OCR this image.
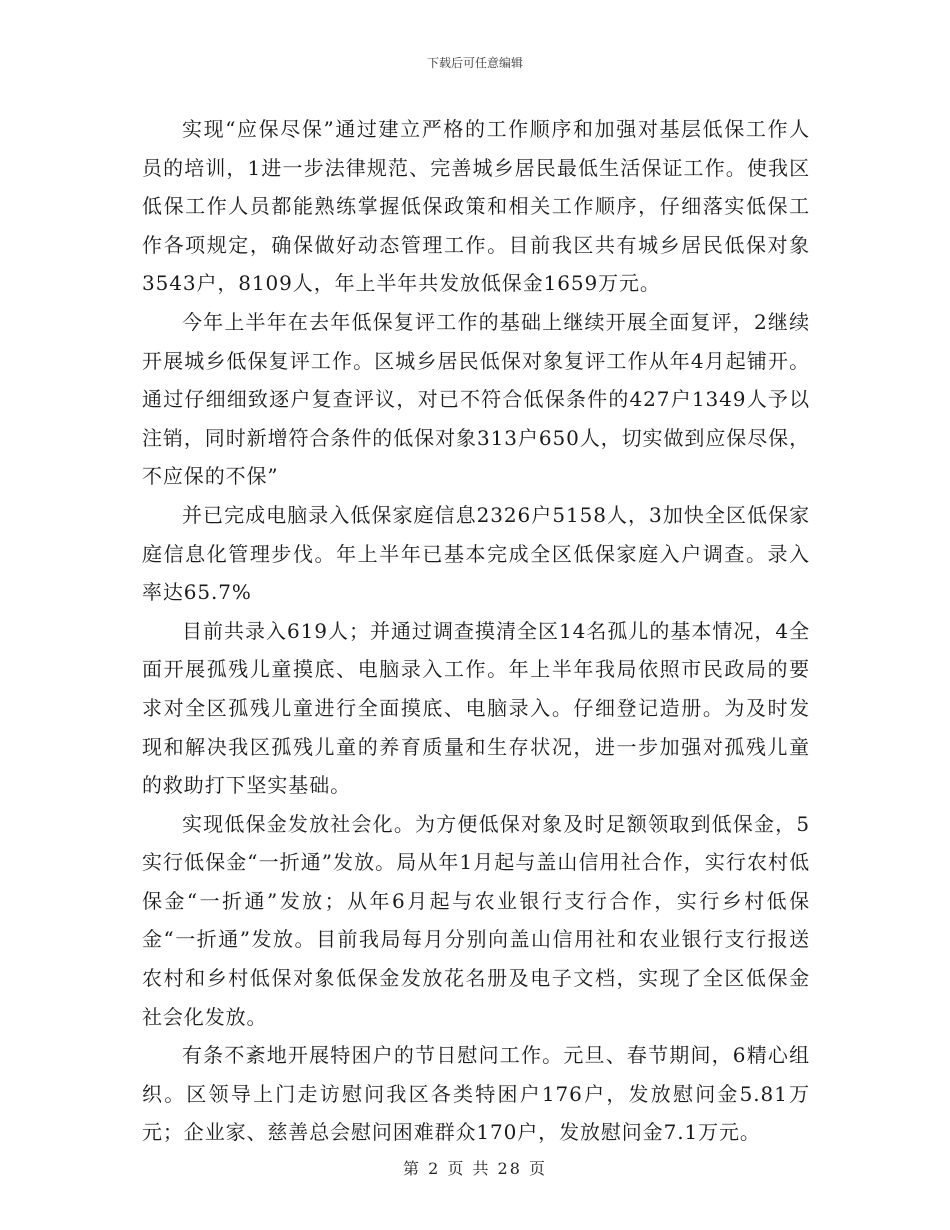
下载后可任意编辑

实现“应保尽保”通过建立严格的工作顺序和加强对基层低保工作人员的培训，1进一步法律规范、完善城乡居民最低生活保证工作。使我区低保工作人员都能熟练掌握低保政策和相关工作顺序，仔细落实低保工作各项规定，确保做好动态管理工作。目前我区共有城乡居民低保对象3543户，8109人，年上半年共发放低保金1659万元。

今年上半年在去年低保复评工作的基础上继续开展全面复评，2继续开展城乡低保复评工作。区城乡居民低保对象复评工作从年4月起铺开。通过仔细细致逐户复查评议，对已不符合低保条件的427户1349人予以注销，同时新增符合条件的低保对象313户650人，切实做到应保尽保，不应保的不保”

并已完成电脑录入低保家庭信息2326户5158人，3加快全区低保家庭信息化管理步伐。年上半年已基本完成全区低保家庭入户调查。录入率达65.7%

目前共录入619人；并通过调查摸清全区14名孤儿的基本情况，4全面开展孤残儿童摸底、电脑录入工作。年上半年我局依照市民政局的要求对全区孤残儿童进行全面摸底、电脑录入。仔细登记造册。为及时发现和解决我区孤残儿童的养育质量和生存状况，进一步加强对孤残儿童的救助打下坚实基础。

实现低保金发放社会化。为方便低保对象及时足额领取到低保金，5实行低保金“一折通”发放。局从年1月起与盖山信用社合作，实行农村低保金“一折通”发放；从年6月起与农业银行支行合作，实行乡村低保金“一折通”发放。目前我局每月分别向盖山信用社和农业银行支行报送农村和乡村低保对象低保金发放花名册及电子文档，实现了全区低保金社会化发放。

有条不紊地开展特困户的节日慰问工作。元旦、春节期间，6精心组织。区领导上门走访慰问我区各类特困户176户，发放慰问金5.81万元；企业家、慈善总会慰问困难群众170户，发放慰问金7.1万元。

第 2 页 共 28 页
